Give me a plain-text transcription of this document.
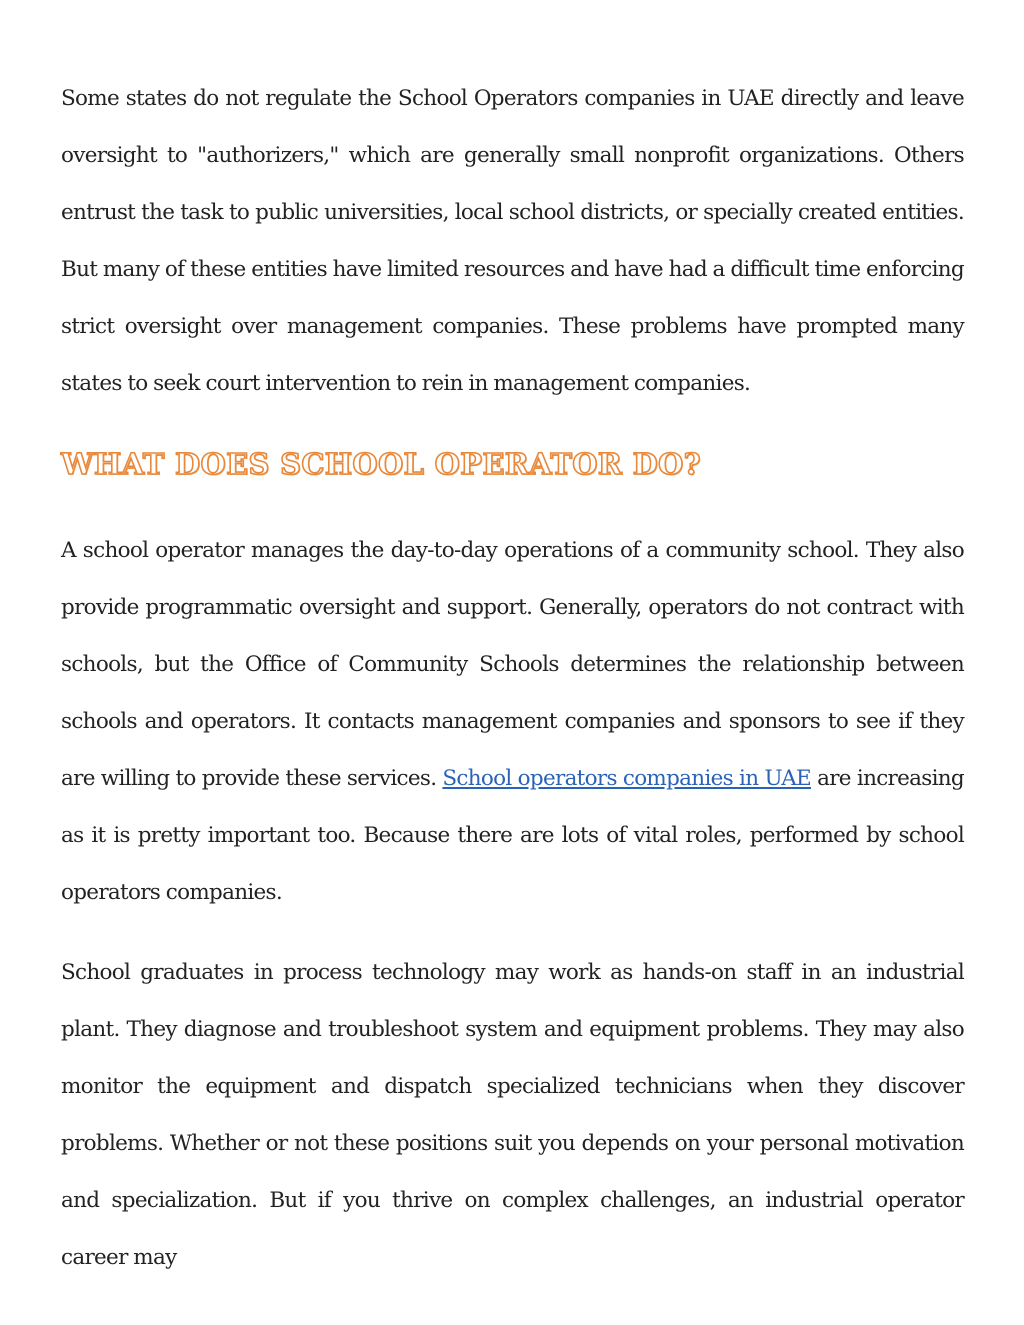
Some states do not regulate the School Operators companies in UAE directly and leave oversight to "authorizers," which are generally small nonprofit organizations. Others entrust the task to public universities, local school districts, or specially created entities. But many of these entities have limited resources and have had a difficult time enforcing strict oversight over management companies. These problems have prompted many states to seek court intervention to rein in management companies.

WHAT DOES SCHOOL OPERATOR DO?

A school operator manages the day-to-day operations of a community school. They also provide programmatic oversight and support. Generally, operators do not contract with schools, but the Office of Community Schools determines the relationship between schools and operators. It contacts management companies and sponsors to see if they are willing to provide these services. School operators companies in UAE are increasing as it is pretty important too. Because there are lots of vital roles, performed by school operators companies.

School graduates in process technology may work as hands-on staff in an industrial plant. They diagnose and troubleshoot system and equipment problems. They may also monitor the equipment and dispatch specialized technicians when they discover problems. Whether or not these positions suit you depends on your personal motivation and specialization. But if you thrive on complex challenges, an industrial operator career may
